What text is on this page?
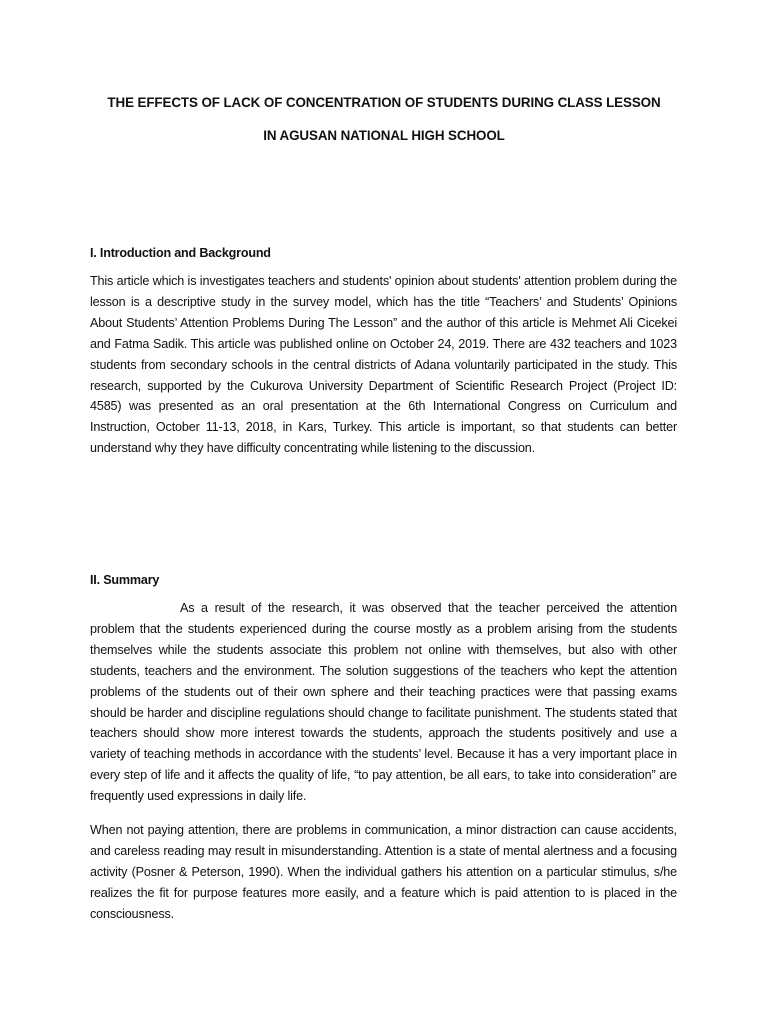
THE EFFECTS OF LACK OF CONCENTRATION OF STUDENTS DURING CLASS LESSON
IN AGUSAN NATIONAL HIGH SCHOOL
I. Introduction and Background

This article which is investigates teachers and students' opinion about students' attention problem during the lesson is a descriptive study in the survey model, which has the title “Teachers’ and Students’ Opinions About Students’ Attention Problems During The Lesson” and the author of this article is Mehmet Ali Cicekei and Fatma Sadik. This article was published online on October 24, 2019. There are 432 teachers and 1023 students from secondary schools in the central districts of Adana voluntarily participated in the study. This research, supported by the Cukurova University Department of Scientific Research Project (Project ID: 4585) was presented as an oral presentation at the 6th International Congress on Curriculum and Instruction, October 11-13, 2018, in Kars, Turkey. This article is important, so that students can better understand why they have difficulty concentrating while listening to the discussion.

II. Summary

As a result of the research, it was observed that the teacher perceived the attention problem that the students experienced during the course mostly as a problem arising from the students themselves while the students associate this problem not online with themselves, but also with other students, teachers and the environment. The solution suggestions of the teachers who kept the attention problems of the students out of their own sphere and their teaching practices were that passing exams should be harder and discipline regulations should change to facilitate punishment. The students stated that teachers should show more interest towards the students, approach the students positively and use a variety of teaching methods in accordance with the students’ level. Because it has a very important place in every step of life and it affects the quality of life, “to pay attention, be all ears, to take into consideration” are frequently used expressions in daily life.

When not paying attention, there are problems in communication, a minor distraction can cause accidents, and careless reading may result in misunderstanding. Attention is a state of mental alertness and a focusing activity (Posner & Peterson, 1990). When the individual gathers his attention on a particular stimulus, s/he realizes the fit for purpose features more easily, and a feature which is paid attention to is placed in the consciousness.
